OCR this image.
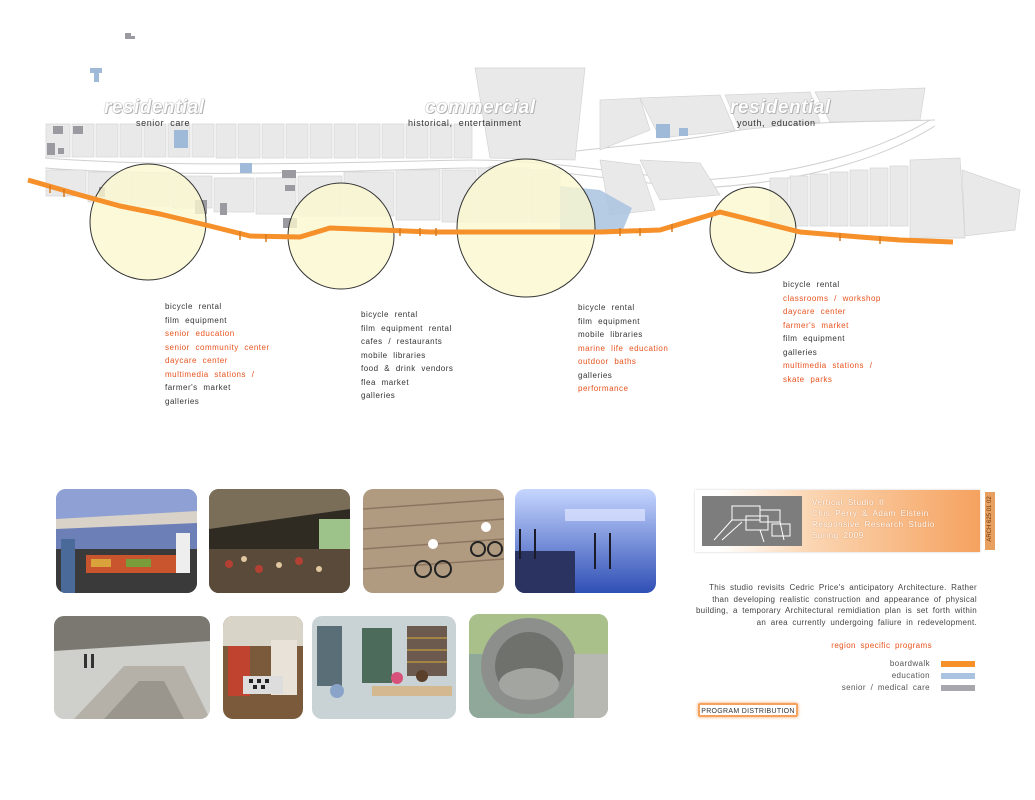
residential
senior care
commercial
historical, entertainment
residential
youth, education
bicycle rental
film equipment
senior education
senior community center
daycare center
multimedia stations /
farmer's market
galleries
bicycle rental
film equipment rental
cafes / restaurants
mobile libraries
food & drink vendors
flea market
galleries
bicycle rental
film equipment
mobile libraries
marine life education
outdoor baths
galleries
performance
bicycle rental
classrooms / workshop
daycare center
farmer's market
film equipment
galleries
multimedia stations /
skate parks
Vertical Studio II
Chis Perry & Adam Elstein
Responsive Research Studio
Spring 2009	ARCH 625 01 02
This studio revisits Cedric Price's anticipatory Architecture. Rather than developing realistic construction and appearance of physical building, a temporary Architectural remidiation plan is set forth within an area currently undergoing faliure in redevelopment.
region specific programs
boardwalk
education
senior / medical care
PROGRAM DISTRIBUTION
